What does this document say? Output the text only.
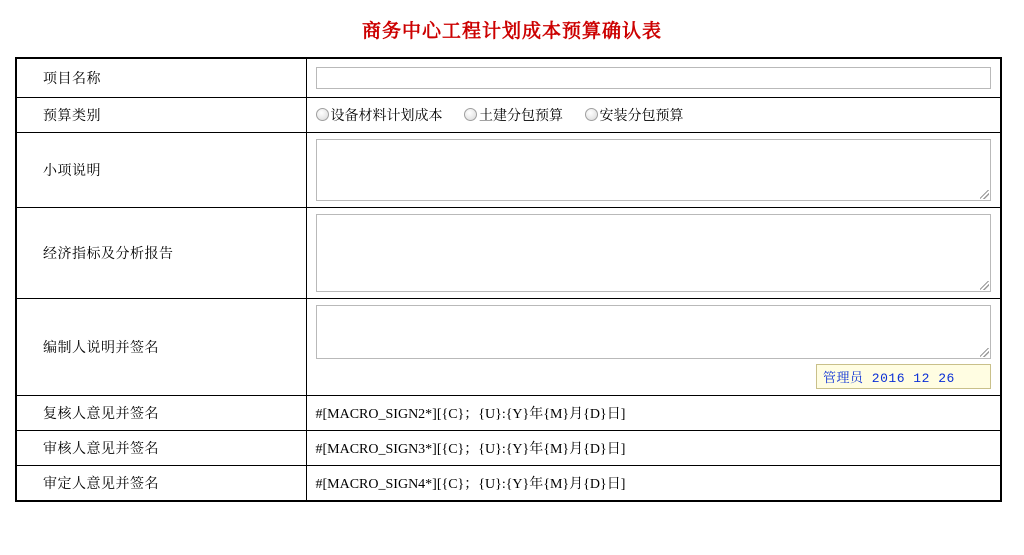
商务中心工程计划成本预算确认表
项目名称	

预算类别	设备材料计划成本 土建分包预算 安装分包预算
小项说明	

经济指标及分析报告	

编制人说明并签名	管理员 2016 12 26

复核人意见并签名	#[MACRO_SIGN2*][{C}；{U}:{Y}年{M}月{D}日]
审核人意见并签名	#[MACRO_SIGN3*][{C}；{U}:{Y}年{M}月{D}日]
审定人意见并签名	#[MACRO_SIGN4*][{C}；{U}:{Y}年{M}月{D}日]
